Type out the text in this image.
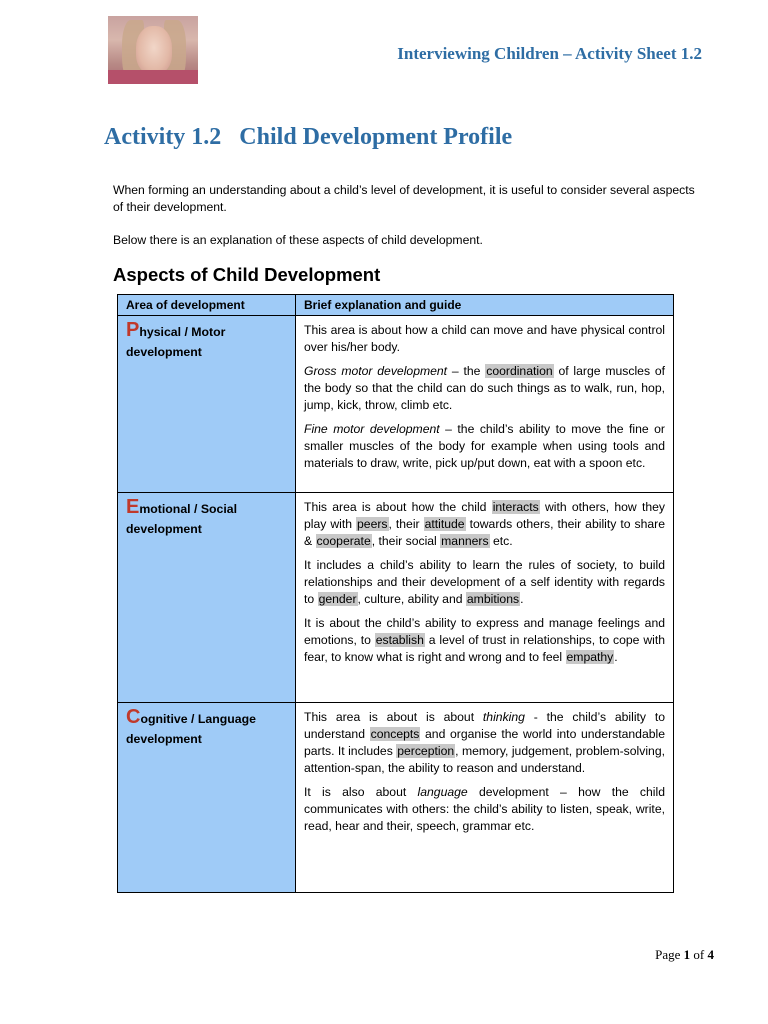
Interviewing Children – Activity Sheet 1.2
Activity 1.2   Child Development Profile
When forming an understanding about a child’s level of development, it is useful to consider several aspects of their development.
Below there is an explanation of these aspects of child development.
Aspects of Child Development
Area of development	Brief explanation and guide
Physical / Motor development	This area is about how a child can move and have physical control over his/her body.

Gross motor development – the coordination of large muscles of the body so that the child can do such things as to walk, run, hop, jump, kick, throw, climb etc.

Fine motor development – the child’s ability to move the fine or smaller muscles of the body for example when using tools and materials to draw, write, pick up/put down, eat with a spoon etc.

Emotional / Social development	This area is about how the child interacts with others, how they play with peers, their attitude towards others, their ability to share & cooperate, their social manners etc.

It includes a child’s ability to learn the rules of society, to build relationships and their development of a self identity with regards to gender, culture, ability and ambitions.

It is about the child’s ability to express and manage feelings and emotions, to establish a level of trust in relationships, to cope with fear, to know what is right and wrong and to feel empathy.

Cognitive / Language development	This area is about is about thinking - the child’s ability to understand concepts and organise the world into understandable parts. It includes perception, memory, judgement, problem-solving, attention-span, the ability to reason and understand.

It is also about language development – how the child communicates with others: the child’s ability to listen, speak, write, read, hear and their, speech, grammar etc.

Page 1 of 4
